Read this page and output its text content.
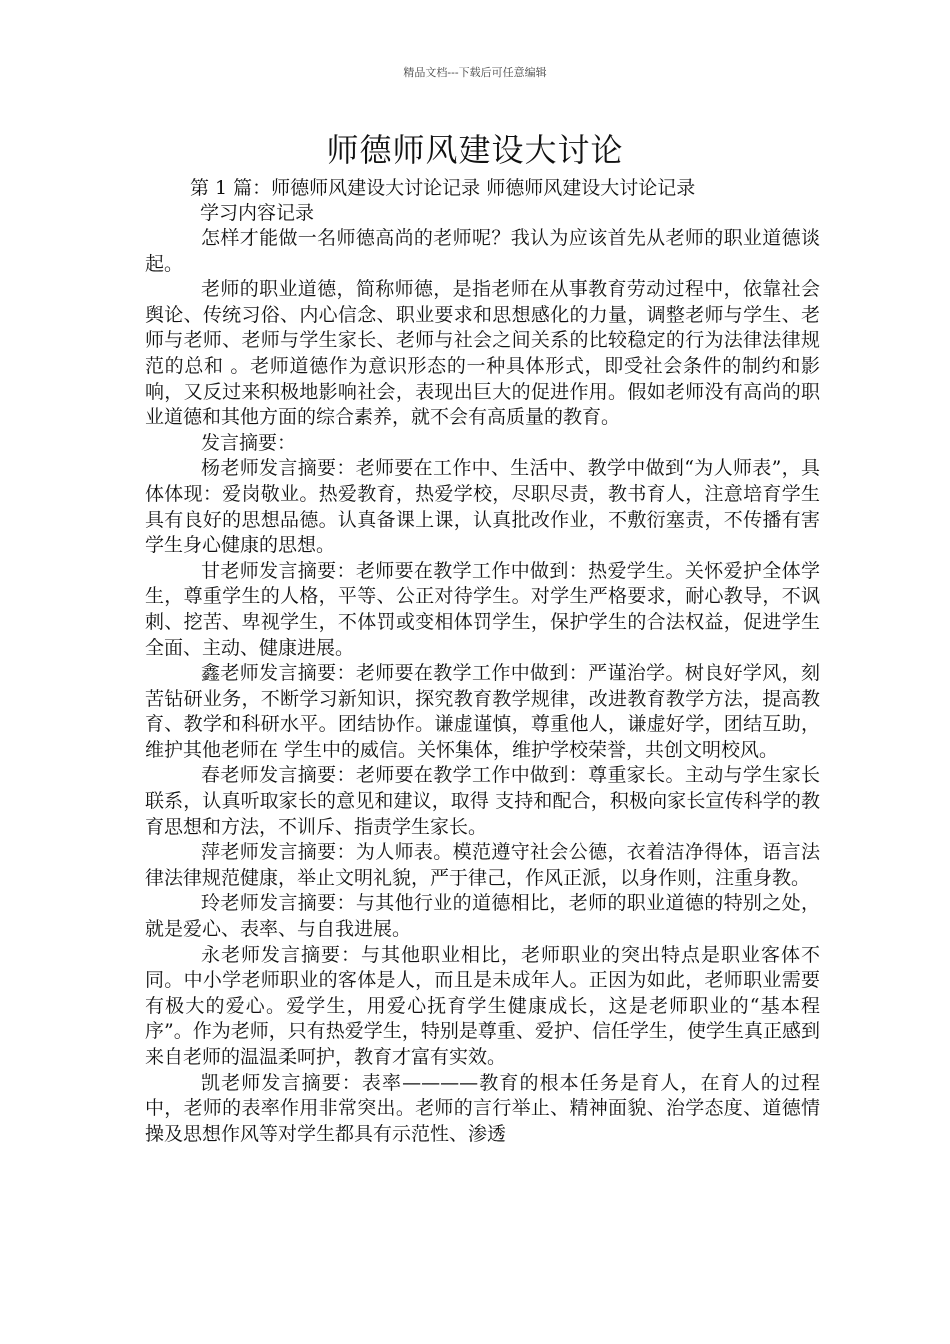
精品文档---下载后可任意编辑
师德师风建设大讨论
第 1 篇：师德师风建设大讨论记录 师德师风建设大讨论记录
学习内容记录

怎样才能做一名师德高尚的老师呢？我认为应该首先从老师的职业道德谈起。

老师的职业道德，简称师德，是指老师在从事教育劳动过程中，依靠社会舆论、传统习俗、内心信念、职业要求和思想感化的力量，调整老师与学生、老师与老师、老师与学生家长、老师与社会之间关系的比较稳定的行为法律法律规范的总和 。老师道德作为意识形态的一种具体形式，即受社会条件的制约和影响，又反过来积极地影响社会，表现出巨大的促进作用。假如老师没有高尚的职业道德和其他方面的综合素养，就不会有高质量的教育。

发言摘要：

杨老师发言摘要：老师要在工作中、生活中、教学中做到“为人师表”，具体体现：爱岗敬业。热爱教育，热爱学校，尽职尽责，教书育人，注意培育学生具有良好的思想品德。认真备课上课，认真批改作业，不敷衍塞责，不传播有害学生身心健康的思想。

甘老师发言摘要：老师要在教学工作中做到：热爱学生。关怀爱护全体学生，尊重学生的人格，平等、公正对待学生。对学生严格要求，耐心教导，不讽刺、挖苦、卑视学生，不体罚或变相体罚学生，保护学生的合法权益，促进学生全面、主动、健康进展。

鑫老师发言摘要：老师要在教学工作中做到：严谨治学。树良好学风，刻苦钻研业务，不断学习新知识，探究教育教学规律，改进教育教学方法，提高教育、教学和科研水平。团结协作。谦虚谨慎，尊重他人，谦虚好学，团结互助，维护其他老师在 学生中的威信。关怀集体，维护学校荣誉，共创文明校风。

春老师发言摘要：老师要在教学工作中做到：尊重家长。主动与学生家长联系，认真听取家长的意见和建议，取得 支持和配合，积极向家长宣传科学的教育思想和方法，不训斥、指责学生家长。

萍老师发言摘要：为人师表。模范遵守社会公德，衣着洁净得体，语言法律法律规范健康，举止文明礼貌，严于律己，作风正派，以身作则，注重身教。

玲老师发言摘要：与其他行业的道德相比，老师的职业道德的特别之处，就是爱心、表率、与自我进展。

永老师发言摘要：与其他职业相比，老师职业的突出特点是职业客体不同。中小学老师职业的客体是人，而且是未成年人。正因为如此，老师职业需要有极大的爱心。爱学生，用爱心抚育学生健康成长，这是老师职业的“基本程序”。作为老师，只有热爱学生，特别是尊重、爱护、信任学生，使学生真正感到来自老师的温温柔呵护，教育才富有实效。

凯老师发言摘要：表率————教育的根本任务是育人，在育人的过程中，老师的表率作用非常突出。老师的言行举止、精神面貌、治学态度、道德情操及思想作风等对学生都具有示范性、渗透
